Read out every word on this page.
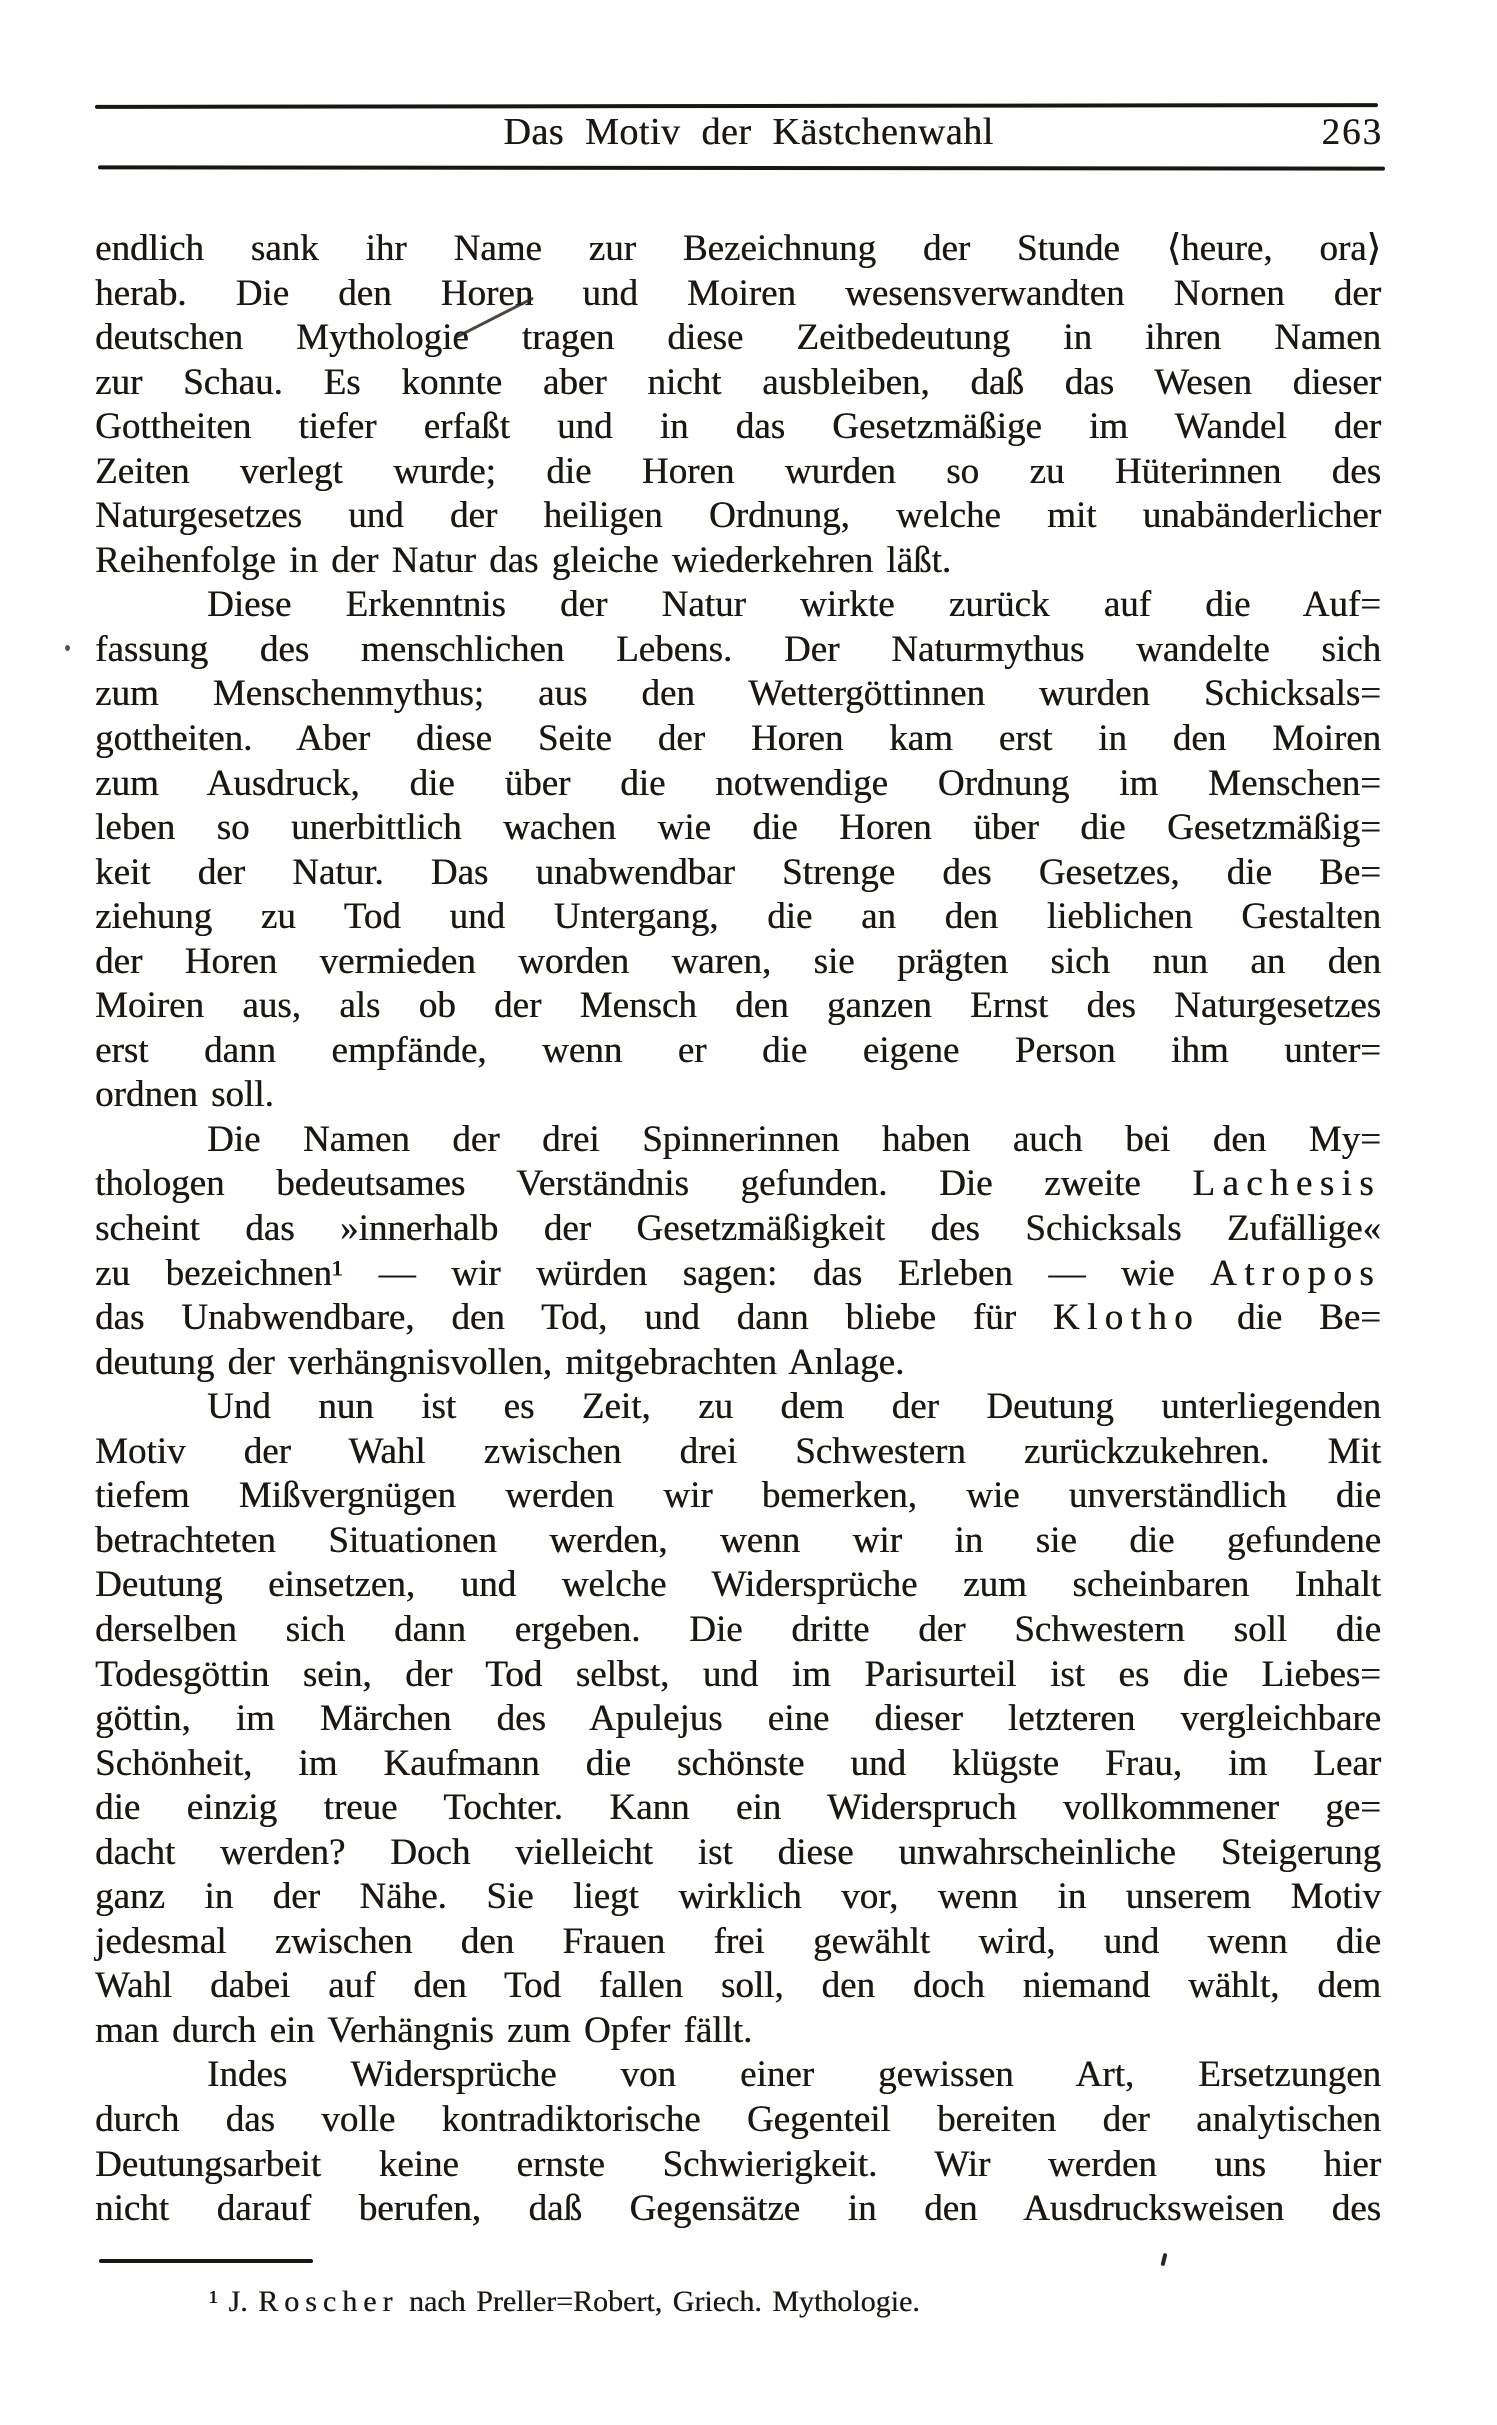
Das Motiv der Kästchenwahl	263
endlich sank ihr Name zur Bezeichnung der Stunde ⟨heure, ora⟩
herab. Die den Horen und Moiren wesensverwandten Nornen der
deutschen Mythologie tragen diese Zeitbedeutung in ihren Namen
zur Schau. Es konnte aber nicht ausbleiben, daß das Wesen dieser
Gottheiten tiefer erfaßt und in das Gesetzmäßige im Wandel der
Zeiten verlegt wurde; die Horen wurden so zu Hüterinnen des
Naturgesetzes und der heiligen Ordnung, welche mit unabänderlicher
Reihenfolge in der Natur das gleiche wiederkehren läßt.
Diese Erkenntnis der Natur wirkte zurück auf die Auf=
fassung des menschlichen Lebens. Der Naturmythus wandelte sich
zum Menschenmythus; aus den Wettergöttinnen wurden Schicksals=
gottheiten. Aber diese Seite der Horen kam erst in den Moiren
zum Ausdruck, die über die notwendige Ordnung im Menschen=
leben so unerbittlich wachen wie die Horen über die Gesetzmäßig=
keit der Natur. Das unabwendbar Strenge des Gesetzes, die Be=
ziehung zu Tod und Untergang, die an den lieblichen Gestalten
der Horen vermieden worden waren, sie prägten sich nun an den
Moiren aus, als ob der Mensch den ganzen Ernst des Naturgesetzes
erst dann empfände, wenn er die eigene Person ihm unter=
ordnen soll.
Die Namen der drei Spinnerinnen haben auch bei den My=
thologen bedeutsames Verständnis gefunden. Die zweite Lachesis
scheint das »innerhalb der Gesetzmäßigkeit des Schicksals Zufällige«
zu bezeichnen¹ — wir würden sagen: das Erleben — wie Atropos
das Unabwendbare, den Tod, und dann bliebe für Klotho die Be=
deutung der verhängnisvollen, mitgebrachten Anlage.
Und nun ist es Zeit, zu dem der Deutung unterliegenden
Motiv der Wahl zwischen drei Schwestern zurückzukehren. Mit
tiefem Mißvergnügen werden wir bemerken, wie unverständlich die
betrachteten Situationen werden, wenn wir in sie die gefundene
Deutung einsetzen, und welche Widersprüche zum scheinbaren Inhalt
derselben sich dann ergeben. Die dritte der Schwestern soll die
Todesgöttin sein, der Tod selbst, und im Parisurteil ist es die Liebes=
göttin, im Märchen des Apulejus eine dieser letzteren vergleichbare
Schönheit, im Kaufmann die schönste und klügste Frau, im Lear
die einzig treue Tochter. Kann ein Widerspruch vollkommener ge=
dacht werden? Doch vielleicht ist diese unwahrscheinliche Steigerung
ganz in der Nähe. Sie liegt wirklich vor, wenn in unserem Motiv
jedesmal zwischen den Frauen frei gewählt wird, und wenn die
Wahl dabei auf den Tod fallen soll, den doch niemand wählt, dem
man durch ein Verhängnis zum Opfer fällt.
Indes Widersprüche von einer gewissen Art, Ersetzungen
durch das volle kontradiktorische Gegenteil bereiten der analytischen
Deutungsarbeit keine ernste Schwierigkeit. Wir werden uns hier
nicht darauf berufen, daß Gegensätze in den Ausdrucksweisen des
¹ J. Roscher nach Preller=Robert, Griech. Mythologie.
